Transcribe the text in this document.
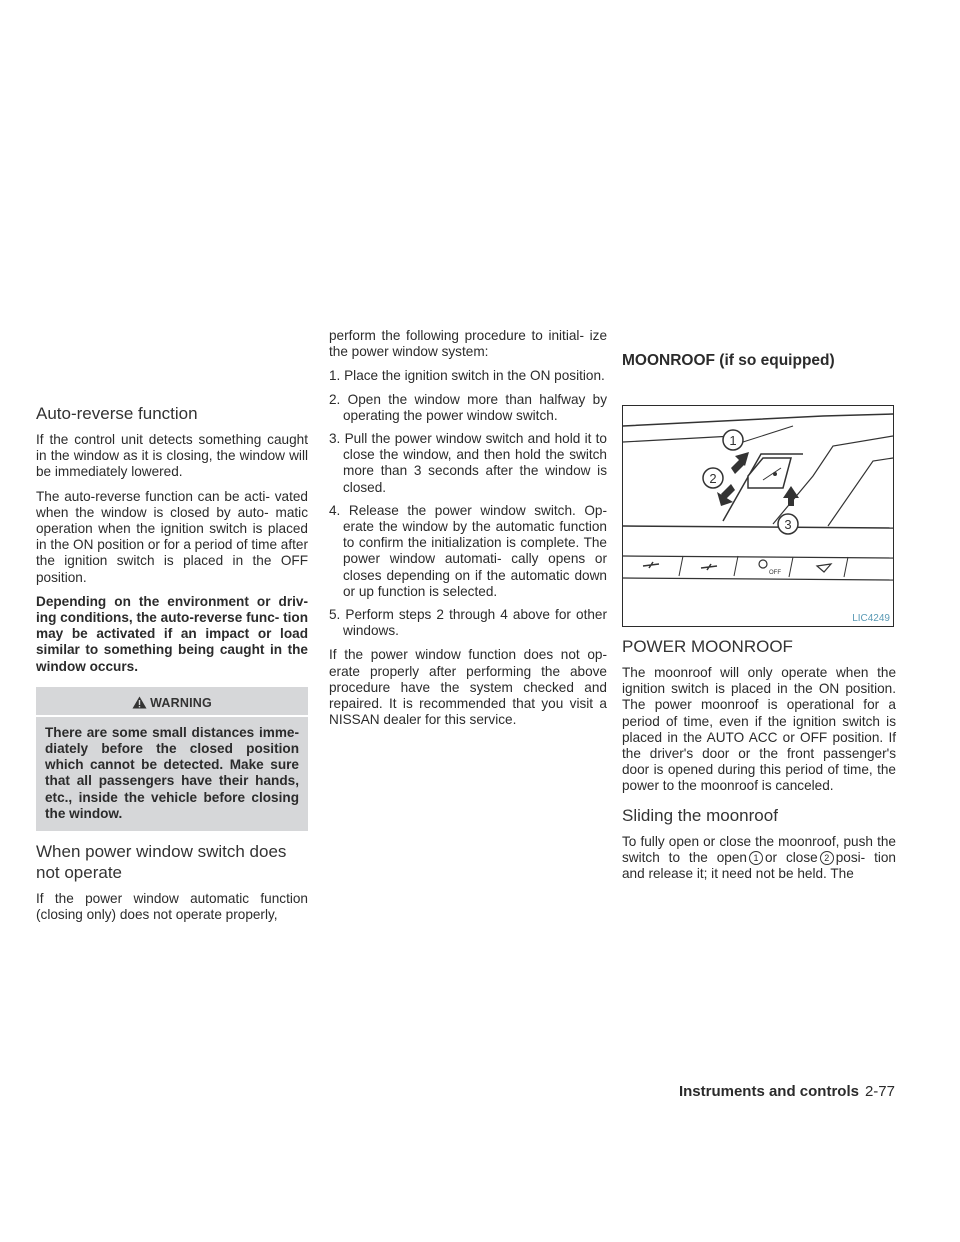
Auto-reverse function

If the control unit detects something caught in the window as it is closing, the window will be immediately lowered.

The auto-reverse function can be acti- vated when the window is closed by auto- matic operation when the ignition switch is placed in the ON position or for a period of time after the ignition switch is placed in the OFF position.

Depending on the environment or driv- ing conditions, the auto-reverse func- tion may be activated if an impact or load similar to something being caught in the window occurs.

WARNING

There are some small distances imme- diately before the closed position which cannot be detected. Make sure that all passengers have their hands, etc., inside the vehicle before closing the window.

When power window switch does not operate

If the power window automatic function (closing only) does not operate properly,

perform the following procedure to initial- ize the power window system:

1. Place the ignition switch in the ON position.
2. Open the window more than halfway by operating the power window switch.
3. Pull the power window switch and hold it to close the window, and then hold the switch more than 3 seconds after the window is closed.
4. Release the power window switch. Op- erate the window by the automatic function to confirm the initialization is complete. The power window automati- cally opens or closes depending on if the automatic down or up function is selected.
5. Perform steps 2 through 4 above for other windows.

If the power window function does not op- erate properly after performing the above procedure have the system checked and repaired. It is recommended that you visit a NISSAN dealer for this service.

MOONROOF (if so equipped)
1
2
3
OFF
LIC4249
POWER MOONROOF

The moonroof will only operate when the ignition switch is placed in the ON position. The power moonroof is operational for a period of time, even if the ignition switch is placed in the AUTO ACC or OFF position. If the driver's door or the front passenger's door is opened during this period of time, the power to the moonroof is canceled.

Sliding the moonroof

To fully open or close the moonroof, push the switch to the open 1 or close 2 posi- tion and release it; it need not be held. The

Instruments and controls 2-77
